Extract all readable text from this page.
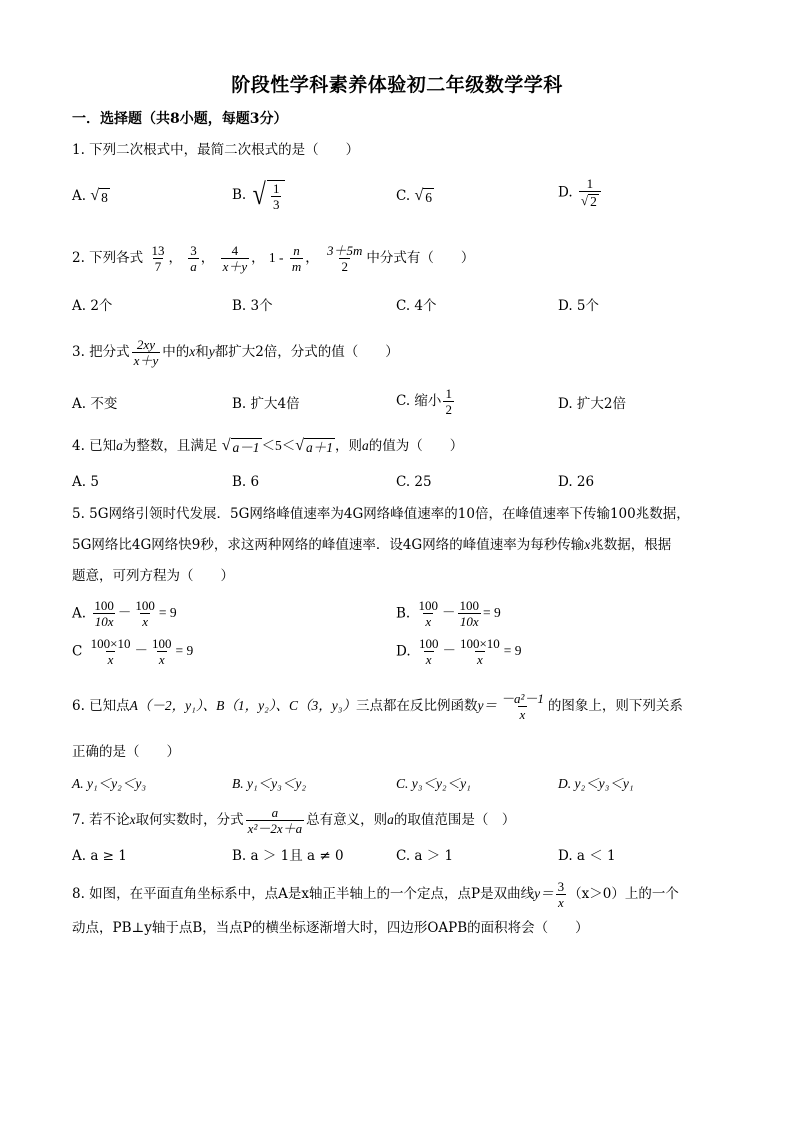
阶段性学科素养体验初二年级数学学科
一．选择题（共8小题，每题3分）
1. 下列二次根式中，最简二次根式的是（　　）
A. √ 8	B. √ $\frac{1}{3}$	C. √ 6	D. $\frac{1}{√ 2}$
2. 下列各式 $\frac{13}{7}$ ， $\frac{3}{a}$ ， $\frac{4}{x+y}$ ， $1 - \frac{n}{m}$ ， $\frac{3+5m}{2}$ 中分式有（　　）
A. 2个	B. 3个	C. 4个	D. 5个
3. 把分式 $\frac{2xy}{x+y}$ 中的x和y都扩大2倍，分式的值（　　）
A. 不变	B. 扩大4倍	C. 缩小 $\frac{1}{2}$	D. 扩大2倍
4. 已知a为整数，且满足 √ a－1 ＜5＜ √ a＋1 ，则a的值为（　　）
A. 5	B. 6	C. 25	D. 26
5. 5G网络引领时代发展．5G网络峰值速率为4G网络峰值速率的10倍，在峰值速率下传输100兆数据，
5G网络比4G网络快9秒，求这两种网络的峰值速率．设4G网络的峰值速率为每秒传输x兆数据，根据
题意，可列方程为（　　）
A. $\frac{100}{10x} - \frac{100}{x} = 9$	B. $\frac{100}{x} - \frac{100}{10x} = 9$
C $\frac{100\times 10}{x} - \frac{100}{x} = 9$	D. $\frac{100}{x} - \frac{100\times 10}{x} = 9$
6. 已知点A（－2，y₁）、B（1，y₂）、C（3，y₃）三点都在反比例函数$y= \frac{\text{－a²－1}}{x}$ 的图象上，则下列关系
正确的是（　　）
A. y₁＜y₂＜y₃	B. y₁＜y₃＜y₂	C. y₃＜y₂＜y₁	D. y₂＜y₃＜y₁
7. 若不论x取何实数时，分式 $\frac{a}{\text{x²－2x＋a}}$ 总有意义，则a的取值范围是（　）
A. a ≥ 1	B. a ＞ 1且 a ≠ 0	C. a ＞ 1	D. a ＜ 1
8. 如图，在平面直角坐标系中，点A是x轴正半轴上的一个定点，点P是双曲线$y= \frac{3}{x} (x>0)$上的一个
动点，PB⊥y轴于点B，当点P的横坐标逐渐增大时，四边形OAPB的面积将会（　　）
